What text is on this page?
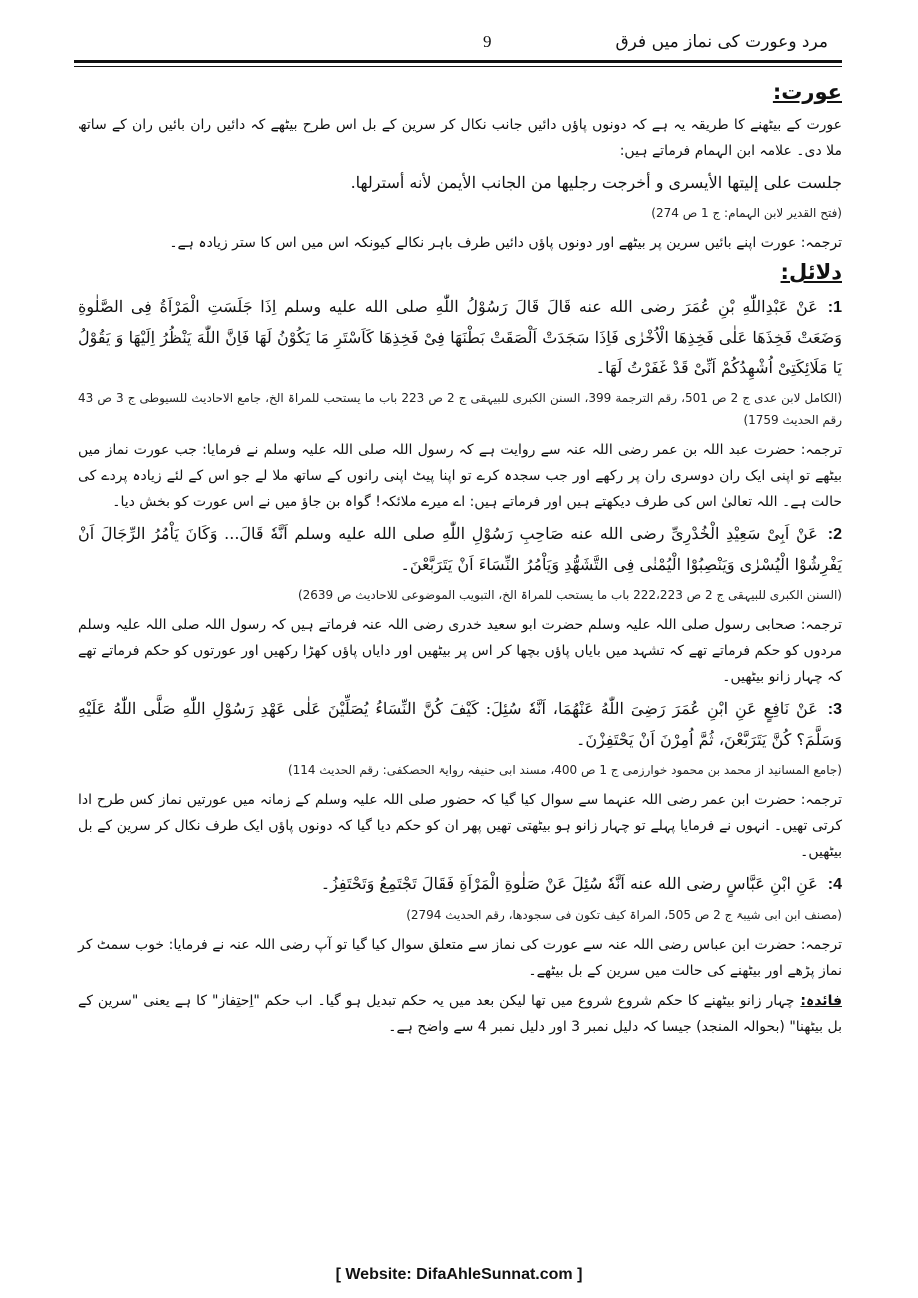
مرد وعورت کی نماز میں فرق
9
عورت:
عورت کے بیٹھنے کا طریقہ یہ ہے کہ دونوں پاؤں دائیں جانب نکال کر سرین کے بل اس طرح بیٹھے کہ دائیں ران بائیں ران کے ساتھ ملا دی۔ علامہ ابن الہمام فرماتے ہیں:
جلست على إليتها الأيسرى و أخرجت رجليها من الجانب الأيمن لأنه أسترلها.
(فتح القدیر لابن الہمام: ج 1 ص 274)
ترجمہ: عورت اپنے بائیں سرین پر بیٹھے اور دونوں پاؤں دائیں طرف باہر نکالے کیونکہ اس میں اس کا ستر زیادہ ہے۔
دلائل:
1:عَنْ عَبْدِاللّٰهِ بْنِ عُمَرَ رضی الله عنه قَالَ قَالَ رَسُوْلُ اللّٰهِ صلی الله علیه وسلم اِذَا جَلَسَتِ الْمَرْاَةُ فِی الصَّلٰوةِ وَضَعَتْ فَخِذَهَا عَلٰی فَخِذِهَا الْاُخْرٰی فَاِذَا سَجَدَتْ اَلْصَقَتْ بَطْنَهَا فِیْ فَخِذِهَا كَاَسْتَرِ مَا یَكُوْنُ لَهَا فَاِنَّ اللّٰهَ یَنْظُرُ اِلَیْهَا وَ یَقُوْلُ یَا مَلَائِكَتِیْ اُشْهِدُكُمْ اَنِّیْ قَدْ غَفَرْتُ لَهَا۔
(الکامل لابن عدی ج 2 ص 501، رقم الترجمة 399، السنن الکبری للبیہقی ج 2 ص 223 باب ما یستحب للمراۃ الخ، جامع الاحادیث للسیوطی ج 3 ص 43 رقم الحدیث 1759)
ترجمہ: حضرت عبد اللہ بن عمر رضی اللہ عنہ سے روایت ہے کہ رسول اللہ صلی اللہ علیہ وسلم نے فرمایا: جب عورت نماز میں بیٹھے تو اپنی ایک ران دوسری ران پر رکھے اور جب سجدہ کرے تو اپنا پیٹ اپنی رانوں کے ساتھ ملا لے جو اس کے لئے زیادہ پردے کی حالت ہے۔ اللہ تعالیٰ اس کی طرف دیکھتے ہیں اور فرماتے ہیں: اے میرے ملائکہ! گواہ بن جاؤ میں نے اس عورت کو بخش دیا۔
2:عَنْ اَبِیْ سَعِیْدِ الْخُدْرِیِّ رضی الله عنه صَاحِبِ رَسُوْلِ اللّٰهِ صلی الله علیه وسلم اَنَّهٗ قَالَ... وَكَانَ یَاْمُرُ الرِّجَالَ اَنْ یَفْرِشُوْا الْیُسْرٰی وَیَنْصِبُوْا الْیُمْنٰی فِی التَّشَهُّدِ وَیَاْمُرُ النِّسَاءَ اَنْ یَتَرَبَّعْنَ۔
(السنن الکبری للبیہقی ج 2 ص 222،223 باب ما یستحب للمراۃ الخ، التبویب الموضوعی للاحادیث ص 2639)
ترجمہ: صحابی رسول صلی اللہ علیہ وسلم حضرت ابو سعید خدری رضی اللہ عنہ فرماتے ہیں کہ رسول اللہ صلی اللہ علیہ وسلم مردوں کو حکم فرماتے تھے کہ تشہد میں بایاں پاؤں بچھا کر اس پر بیٹھیں اور دایاں پاؤں کھڑا رکھیں اور عورتوں کو حکم فرماتے تھے کہ چہار زانو بیٹھیں۔
3:عَنْ نَافِعٍ عَنِ ابْنِ عُمَرَ رَضِیَ اللّٰهُ عَنْهُمَا، اَنَّهٗ سُئِلَ: كَیْفَ كُنَّ النِّسَاءُ یُصَلِّیْنَ عَلٰی عَهْدِ رَسُوْلِ اللّٰهِ صَلَّی اللّٰهُ عَلَیْهِ وَسَلَّمَ؟ كُنَّ یَتَرَبَّعْنَ، ثُمَّ اُمِرْنَ اَنْ یَحْتَفِزْنَ۔
(جامع المسانید از محمد بن محمود خوارزمی ج 1 ص 400، مسند ابی حنیفہ روایۃ الحصکفی: رقم الحدیث 114)
ترجمہ: حضرت ابن عمر رضی اللہ عنہما سے سوال کیا گیا کہ حضور صلی اللہ علیہ وسلم کے زمانہ میں عورتیں نماز کس طرح ادا کرتی تھیں۔ انہوں نے فرمایا پہلے تو چہار زانو ہو بیٹھتی تھیں پھر ان کو حکم دیا گیا کہ دونوں پاؤں ایک طرف نکال کر سرین کے بل بیٹھیں۔
4:عَنِ ابْنِ عَبَّاسٍ رضی الله عنه اَنَّهٗ سُئِلَ عَنْ صَلٰوةِ الْمَرْاَةِ فَقَالَ تَجْتَمِعُ وَتَحْتَفِزُ۔
(مصنف ابن ابی شیبۃ ج 2 ص 505، المراۃ کیف تکون فی سجودھا، رقم الحدیث 2794)
ترجمہ: حضرت ابن عباس رضی اللہ عنہ سے عورت کی نماز سے متعلق سوال کیا گیا تو آپ رضی اللہ عنہ نے فرمایا: خوب سمٹ کر نماز پڑھے اور بیٹھنے کی حالت میں سرین کے بل بیٹھے۔
فائدہ:چہار زانو بیٹھنے کا حکم شروع شروع میں تھا لیکن بعد میں یہ حکم تبدیل ہو گیا۔ اب حکم "اِحتِفاز" کا ہے یعنی "سرین کے بل بیٹھنا" (بحوالہ المنجد) جیسا کہ دلیل نمبر 3 اور دلیل نمبر 4 سے واضح ہے۔
[ Website: DifaAhleSunnat.com ]
